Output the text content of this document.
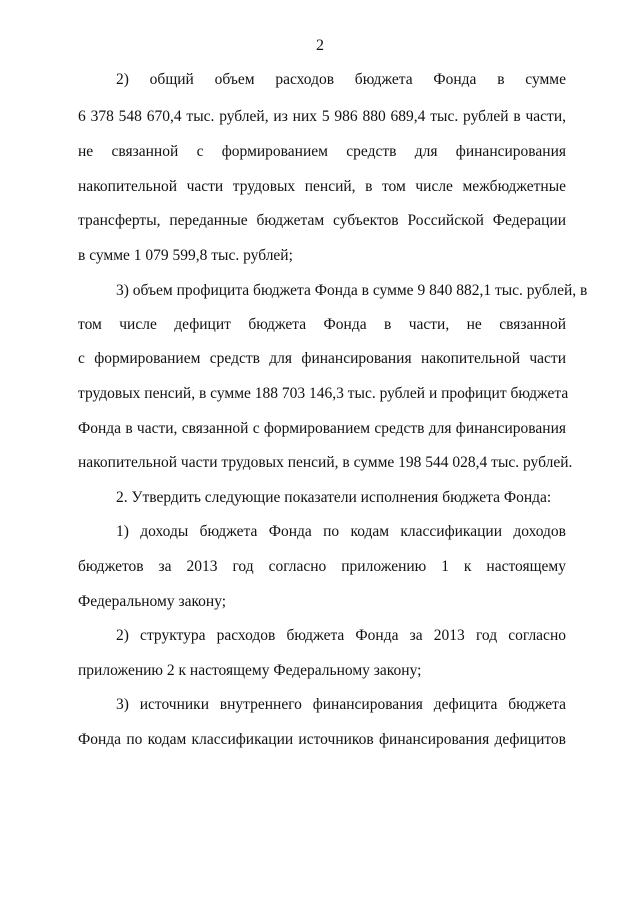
2
2) общий объем расходов бюджета Фонда в сумме
6 378 548 670,4 тыс. рублей, из них 5 986 880 689,4 тыс. рублей в части,
не связанной с формированием средств для финансирования
накопительной части трудовых пенсий, в том числе межбюджетные
трансферты, переданные бюджетам субъектов Российской Федерации
в сумме 1 079 599,8 тыс. рублей;
3) объем профицита бюджета Фонда в сумме 9 840 882,1 тыс. рублей, в
том числе дефицит бюджета Фонда в части, не связанной
с формированием средств для финансирования накопительной части
трудовых пенсий, в сумме 188 703 146,3 тыс. рублей и профицит бюджета
Фонда в части, связанной с формированием средств для финансирования
накопительной части трудовых пенсий, в сумме 198 544 028,4 тыс. рублей.
2. Утвердить следующие показатели исполнения бюджета Фонда:
1) доходы бюджета Фонда по кодам классификации доходов
бюджетов за 2013 год согласно приложению 1 к настоящему
Федеральному закону;
2) структура расходов бюджета Фонда за 2013 год согласно
приложению 2 к настоящему Федеральному закону;
3) источники внутреннего финансирования дефицита бюджета
Фонда по кодам классификации источников финансирования дефицитов
